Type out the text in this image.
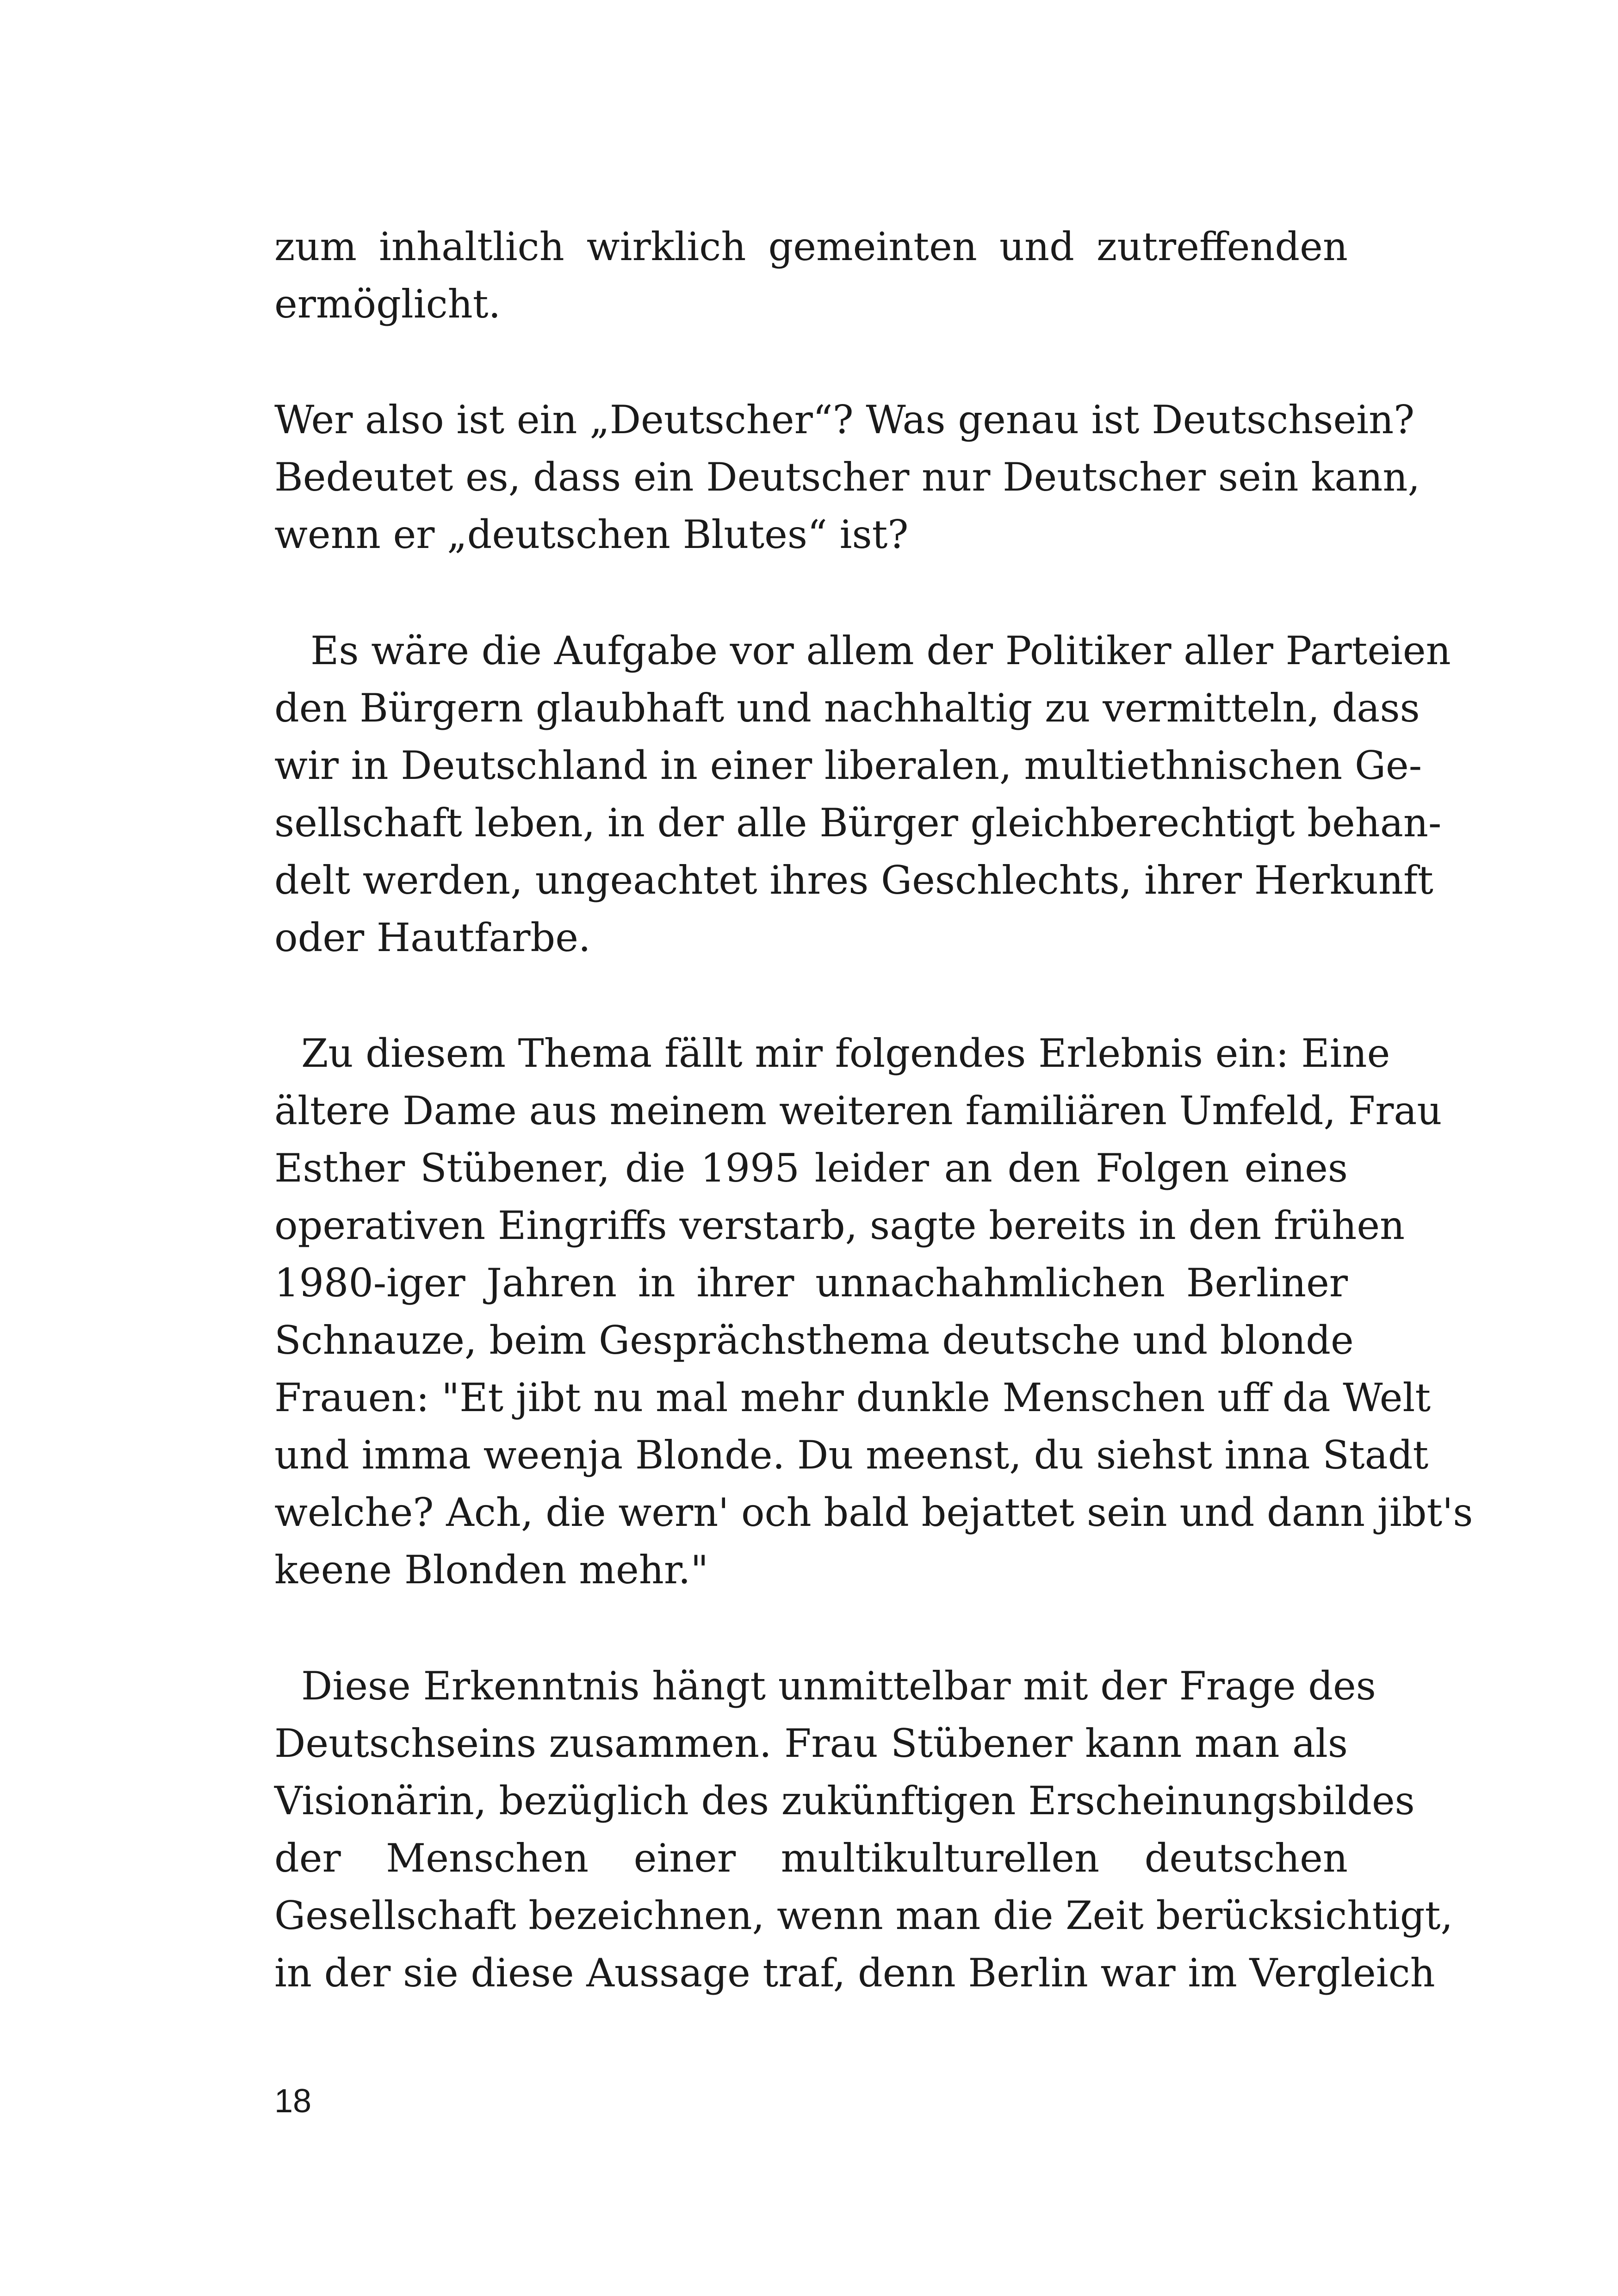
zum inhaltlich wirklich gemeinten und zutreffenden
ermöglicht.
Wer also ist ein „Deutscher“? Was genau ist Deutschsein?
Bedeutet es, dass ein Deutscher nur Deutscher sein kann,
wenn er „deutschen Blutes“ ist?
Es wäre die Aufgabe vor allem der Politiker aller Parteien
den Bürgern glaubhaft und nachhaltig zu vermitteln, dass
wir in Deutschland in einer liberalen, multiethnischen Ge-
sellschaft leben, in der alle Bürger gleichberechtigt behan-
delt werden, ungeachtet ihres Geschlechts, ihrer Herkunft
oder Hautfarbe.
Zu diesem Thema fällt mir folgendes Erlebnis ein: Eine
ältere Dame aus meinem weiteren familiären Umfeld, Frau
Esther Stübener, die 1995 leider an den Folgen eines
operativen Eingriffs verstarb, sagte bereits in den frühen
1980-iger Jahren in ihrer unnachahmlichen Berliner
Schnauze, beim Gesprächsthema deutsche und blonde
Frauen: "Et jibt nu mal mehr dunkle Menschen uff da Welt
und imma weenja Blonde. Du meenst, du siehst inna Stadt
welche? Ach, die wern' och bald bejattet sein und dann jibt's
keene Blonden mehr."
Diese Erkenntnis hängt unmittelbar mit der Frage des
Deutschseins zusammen. Frau Stübener kann man als
Visionärin, bezüglich des zukünftigen Erscheinungsbildes
der Menschen einer multikulturellen deutschen
Gesellschaft bezeichnen, wenn man die Zeit berücksichtigt,
in der sie diese Aussage traf, denn Berlin war im Vergleich
18
